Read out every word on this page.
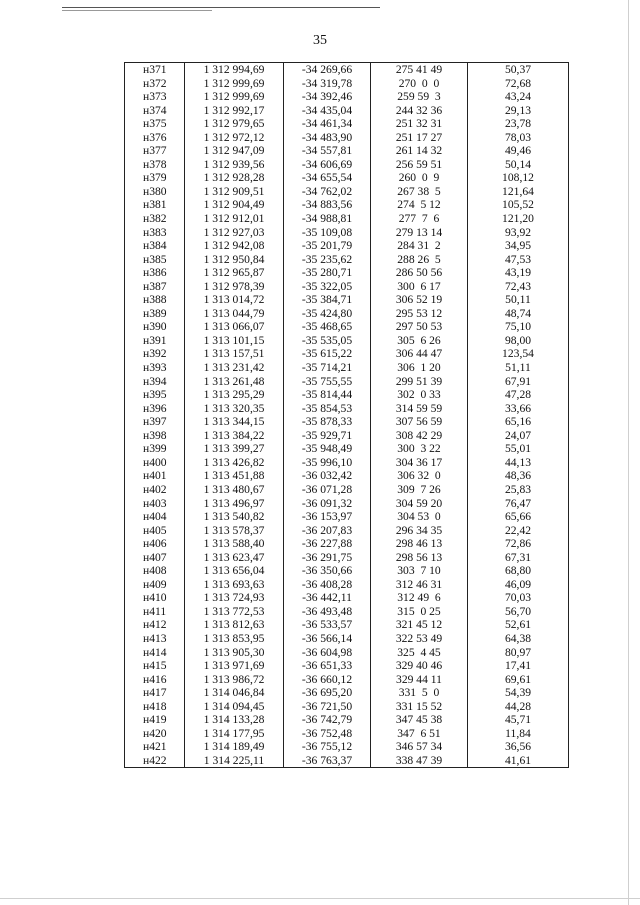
35
н371	1 312 994,69	-34 269,66	275 41 49	50,37
н372	1 312 999,69	-34 319,78	270  0  0	72,68
н373	1 312 999,69	-34 392,46	259 59  3	43,24
н374	1 312 992,17	-34 435,04	244 32 36	29,13
н375	1 312 979,65	-34 461,34	251 32 31	23,78
н376	1 312 972,12	-34 483,90	251 17 27	78,03
н377	1 312 947,09	-34 557,81	261 14 32	49,46
н378	1 312 939,56	-34 606,69	256 59 51	50,14
н379	1 312 928,28	-34 655,54	260  0  9	108,12
н380	1 312 909,51	-34 762,02	267 38  5	121,64
н381	1 312 904,49	-34 883,56	274  5 12	105,52
н382	1 312 912,01	-34 988,81	277  7  6	121,20
н383	1 312 927,03	-35 109,08	279 13 14	93,92
н384	1 312 942,08	-35 201,79	284 31  2	34,95
н385	1 312 950,84	-35 235,62	288 26  5	47,53
н386	1 312 965,87	-35 280,71	286 50 56	43,19
н387	1 312 978,39	-35 322,05	300  6 17	72,43
н388	1 313 014,72	-35 384,71	306 52 19	50,11
н389	1 313 044,79	-35 424,80	295 53 12	48,74
н390	1 313 066,07	-35 468,65	297 50 53	75,10
н391	1 313 101,15	-35 535,05	305  6 26	98,00
н392	1 313 157,51	-35 615,22	306 44 47	123,54
н393	1 313 231,42	-35 714,21	306  1 20	51,11
н394	1 313 261,48	-35 755,55	299 51 39	67,91
н395	1 313 295,29	-35 814,44	302  0 33	47,28
н396	1 313 320,35	-35 854,53	314 59 59	33,66
н397	1 313 344,15	-35 878,33	307 56 59	65,16
н398	1 313 384,22	-35 929,71	308 42 29	24,07
н399	1 313 399,27	-35 948,49	300  3 22	55,01
н400	1 313 426,82	-35 996,10	304 36 17	44,13
н401	1 313 451,88	-36 032,42	306 32  0	48,36
н402	1 313 480,67	-36 071,28	309  7 26	25,83
н403	1 313 496,97	-36 091,32	304 59 20	76,47
н404	1 313 540,82	-36 153,97	304 53  0	65,66
н405	1 313 578,37	-36 207,83	296 34 35	22,42
н406	1 313 588,40	-36 227,88	298 46 13	72,86
н407	1 313 623,47	-36 291,75	298 56 13	67,31
н408	1 313 656,04	-36 350,66	303  7 10	68,80
н409	1 313 693,63	-36 408,28	312 46 31	46,09
н410	1 313 724,93	-36 442,11	312 49  6	70,03
н411	1 313 772,53	-36 493,48	315  0 25	56,70
н412	1 313 812,63	-36 533,57	321 45 12	52,61
н413	1 313 853,95	-36 566,14	322 53 49	64,38
н414	1 313 905,30	-36 604,98	325  4 45	80,97
н415	1 313 971,69	-36 651,33	329 40 46	17,41
н416	1 313 986,72	-36 660,12	329 44 11	69,61
н417	1 314 046,84	-36 695,20	331  5  0	54,39
н418	1 314 094,45	-36 721,50	331 15 52	44,28
н419	1 314 133,28	-36 742,79	347 45 38	45,71
н420	1 314 177,95	-36 752,48	347  6 51	11,84
н421	1 314 189,49	-36 755,12	346 57 34	36,56
н422	1 314 225,11	-36 763,37	338 47 39	41,61
